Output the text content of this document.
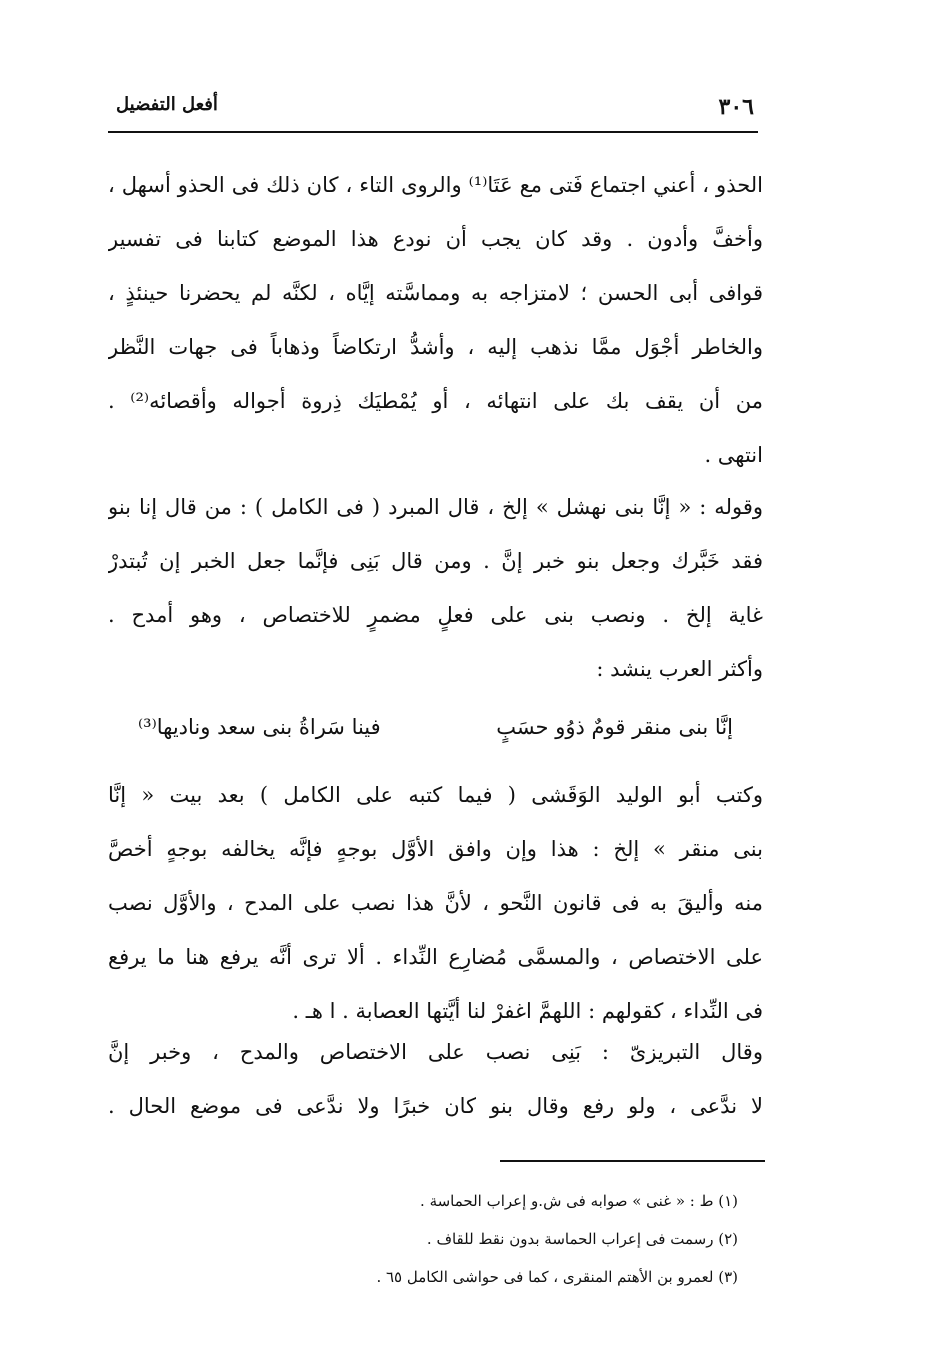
٣٠٦
أفعل التفضيل
الحذو ، أعني اجتماع فَتى مع عَتَا⁽¹⁾ والروى التاء ، كان ذلك فى الحذو أسهل ،
وأخفَّ وأدون . وقد كان يجب أن نودع هذا الموضع كتابنا فى تفسير
قوافى أبى الحسن ؛ لامتزاجه به ومماسَّته إيَّاه ، لكنَّه لم يحضرنا حينئذٍ ،
والخاطر أجْوَل ممَّا نذهب إليه ، وأشدُّ ارتكاضاً وذهاباً فى جهات النَّظر
من أن يقف بك على انتهائه ، أو يُمْطيَك ذِروة أجواله وأقصائه⁽²⁾ .
انتهى .
وقوله : « إنَّا بنى نهشل » إلخ ، قال المبرد ( فى الكامل ) : من قال إنا بنو
فقد خَبَّرك وجعل بنو خبر إنَّ . ومن قال بَنِى فإنَّما جعل الخبر إن تُبتدرْ
غاية إلخ . ونصب بنى على فعلٍ مضمرٍ للاختصاص ، وهو أمدح .
وأكثر العرب ينشد :
إنَّا بنى منقر قومٌ ذوُو حسَبٍ
فينا سَراةُ بنى سعد وناديها⁽³⁾
وكتب أبو الوليد الوَقَشى ( فيما كتبه على الكامل ) بعد بيت « إنَّا
بنى منقر » إلخ : هذا وإن وافق الأوَّل بوجهٍ فإنَّه يخالفه بوجهٍ أخصَّ
منه وأليقَ به فى قانون النَّحو ، لأنَّ هذا نصب على المدح ، والأوَّل نصب
على الاختصاص ، والمسمَّى مُضارِع النِّداء . ألا ترى أنَّه يرفع هنا ما يرفع
فى النِّداء ، كقولهم : اللهمَّ اغفرْ لنا أيَّتها العصابة . ا هـ .
وقال التبريزىّ : بَنِى نصب على الاختصاص والمدح ، وخبر إنَّ
لا ندَّعى ، ولو رفع وقال بنو كان خبرًا ولا ندَّعى فى موضع الحال .
(١) ط : « غنى » صوابه فى ش.و إعراب الحماسة .
(٢) رسمت فى إعراب الحماسة بدون نقط للقاف .
(٣) لعمرو بن الأهتم المنقرى ، كما فى حواشى الكامل ٦٥ .
